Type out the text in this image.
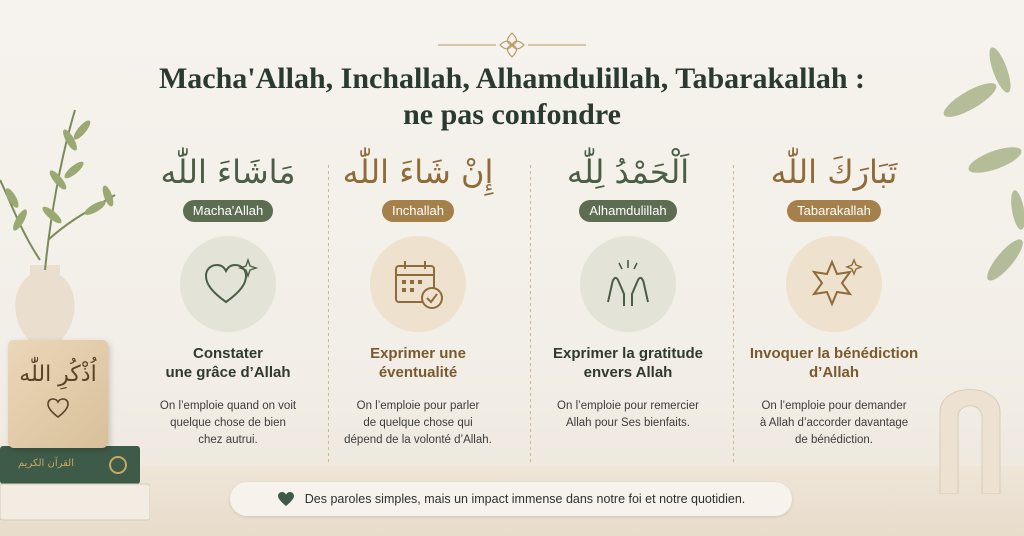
القرآن الكريم
اُذْكُرِ اللّٰه
Macha'Allah, Inchallah, Alhamdulillah, Tabarakallah :
ne pas confondre
مَاشَاءَ اللّٰه
Macha'Allah
Constater
une grâce d’Allah
On l’emploie quand on voit
quelque chose de bien
chez autrui.
إِنْ شَاءَ اللّٰه
Inchallah
Exprimer une
éventualité
On l’emploie pour parler
de quelque chose qui
dépend de la volonté d’Allah.
اَلْحَمْدُ لِلّٰه
Alhamdulillah
Exprimer la gratitude
envers Allah
On l’emploie pour remercier
Allah pour Ses bienfaits.
تَبَارَكَ اللّٰه
Tabarakallah
Invoquer la bénédiction
d’Allah
On l’emploie pour demander
à Allah d’accorder davantage
de bénédiction.
Des paroles simples, mais un impact immense dans notre foi et notre quotidien.
